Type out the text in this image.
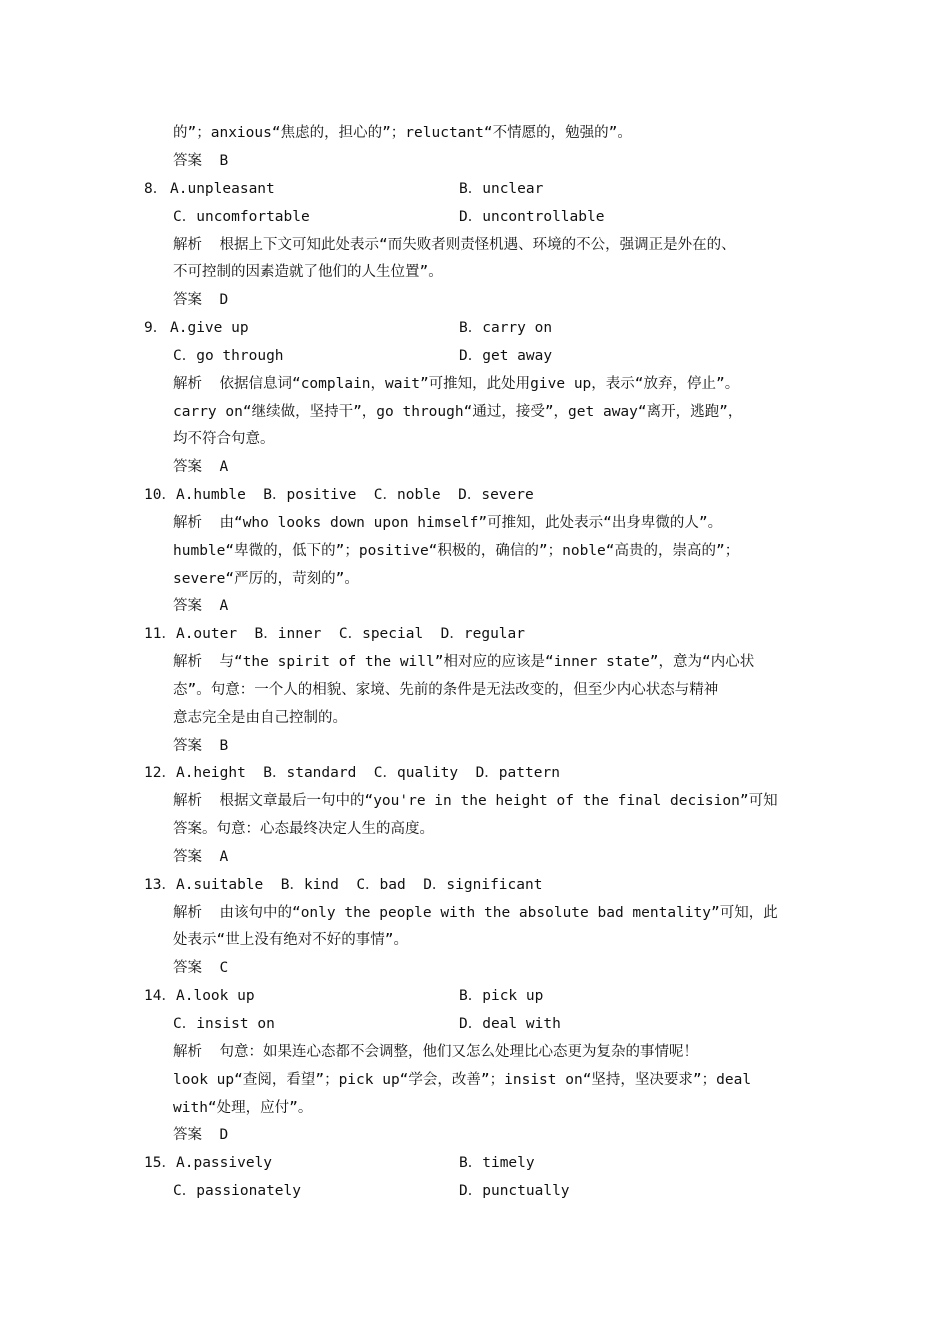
的”；anxious“焦虑的，担心的”；reluctant“不情愿的，勉强的”。
答案  B
8． A.unpleasant	B．unclear
C．uncomfortable	D．uncontrollable
解析  根据上下文可知此处表示“而失败者则责怪机遇、环境的不公，强调正是外在的、
不可控制的因素造就了他们的人生位置”。
答案  D
9． A.give up	B．carry on
C．go through	D．get away
解析  依据信息词“complain，wait”可推知，此处用give up，表示“放弃，停止”。
carry on“继续做，坚持干”，go through“通过，接受”，get away“离开，逃跑”，
均不符合句意。
答案  A
10．A.humble  B．positive  C．noble  D．severe
解析  由“who looks down upon himself”可推知，此处表示“出身卑微的人”。
humble“卑微的，低下的”；positive“积极的，确信的”；noble“高贵的，崇高的”；
severe“严厉的，苛刻的”。
答案  A
11．A.outer  B．inner  C．special  D．regular
解析  与“the spirit of the will”相对应的应该是“inner state”，意为“内心状
态”。句意：一个人的相貌、家境、先前的条件是无法改变的，但至少内心状态与精神
意志完全是由自己控制的。
答案  B
12．A.height  B．standard  C．quality  D．pattern
解析  根据文章最后一句中的“you're in the height of the final decision”可知
答案。句意：心态最终决定人生的高度。
答案  A
13．A.suitable  B．kind  C．bad  D．significant
解析  由该句中的“only the people with the absolute bad mentality”可知，此
处表示“世上没有绝对不好的事情”。
答案  C
14． A.look up	B．pick up
C．insist on	D．deal with
解析  句意：如果连心态都不会调整，他们又怎么处理比心态更为复杂的事情呢！
look up“查阅，看望”；pick up“学会，改善”；insist on“坚持，坚决要求”；deal
with“处理，应付”。
答案  D
15． A.passively	B．timely
C．passionately	D．punctually
